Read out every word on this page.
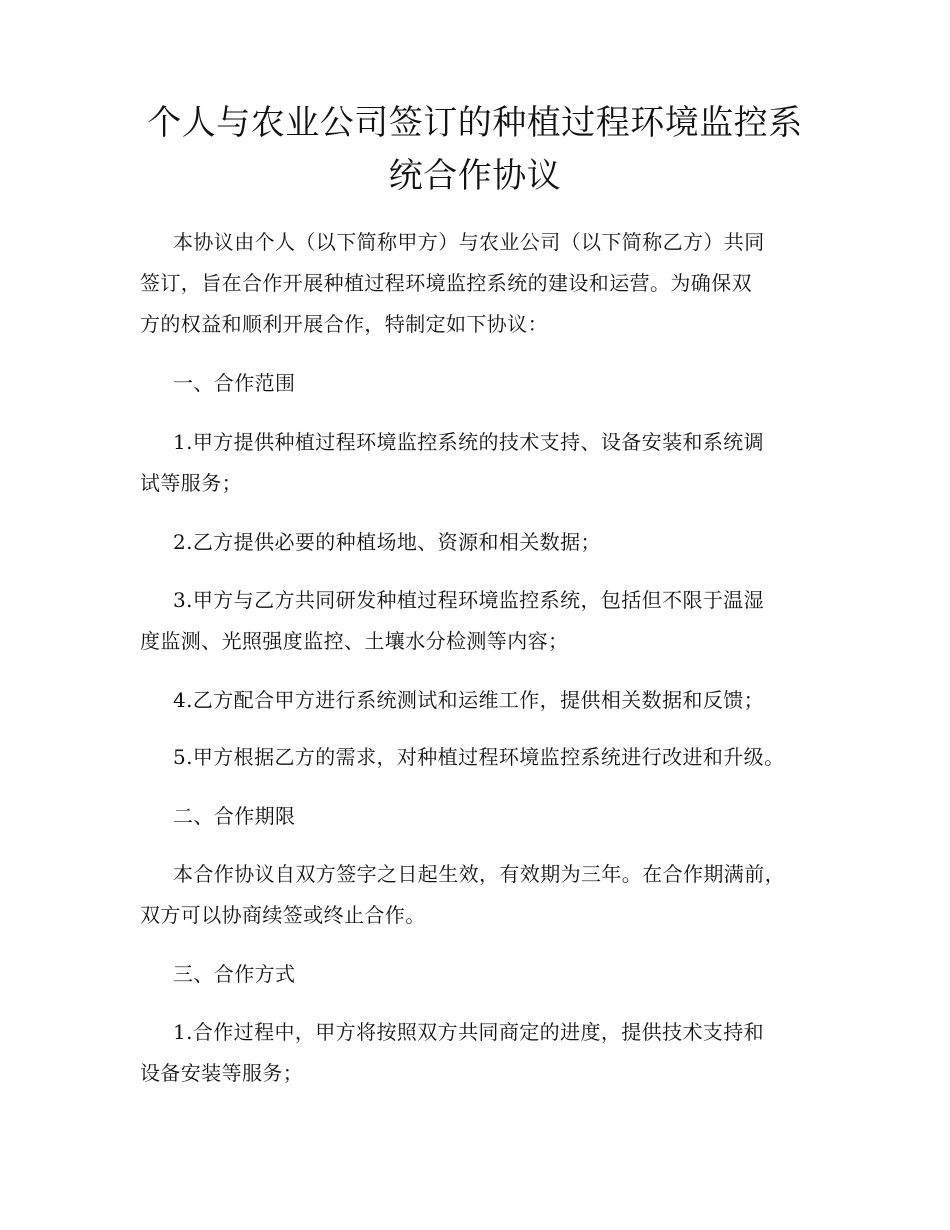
个人与农业公司签订的种植过程环境监控系
统合作协议
本协议由个人（以下简称甲方）与农业公司（以下简称乙方）共同
签订，旨在合作开展种植过程环境监控系统的建设和运营。为确保双
方的权益和顺利开展合作，特制定如下协议：
一、合作范围
1.甲方提供种植过程环境监控系统的技术支持、设备安装和系统调
试等服务；
2.乙方提供必要的种植场地、资源和相关数据；
3.甲方与乙方共同研发种植过程环境监控系统，包括但不限于温湿
度监测、光照强度监控、土壤水分检测等内容；
4.乙方配合甲方进行系统测试和运维工作，提供相关数据和反馈；
5.甲方根据乙方的需求，对种植过程环境监控系统进行改进和升级。
二、合作期限
本合作协议自双方签字之日起生效，有效期为三年。在合作期满前，
双方可以协商续签或终止合作。
三、合作方式
1.合作过程中，甲方将按照双方共同商定的进度，提供技术支持和
设备安装等服务；
